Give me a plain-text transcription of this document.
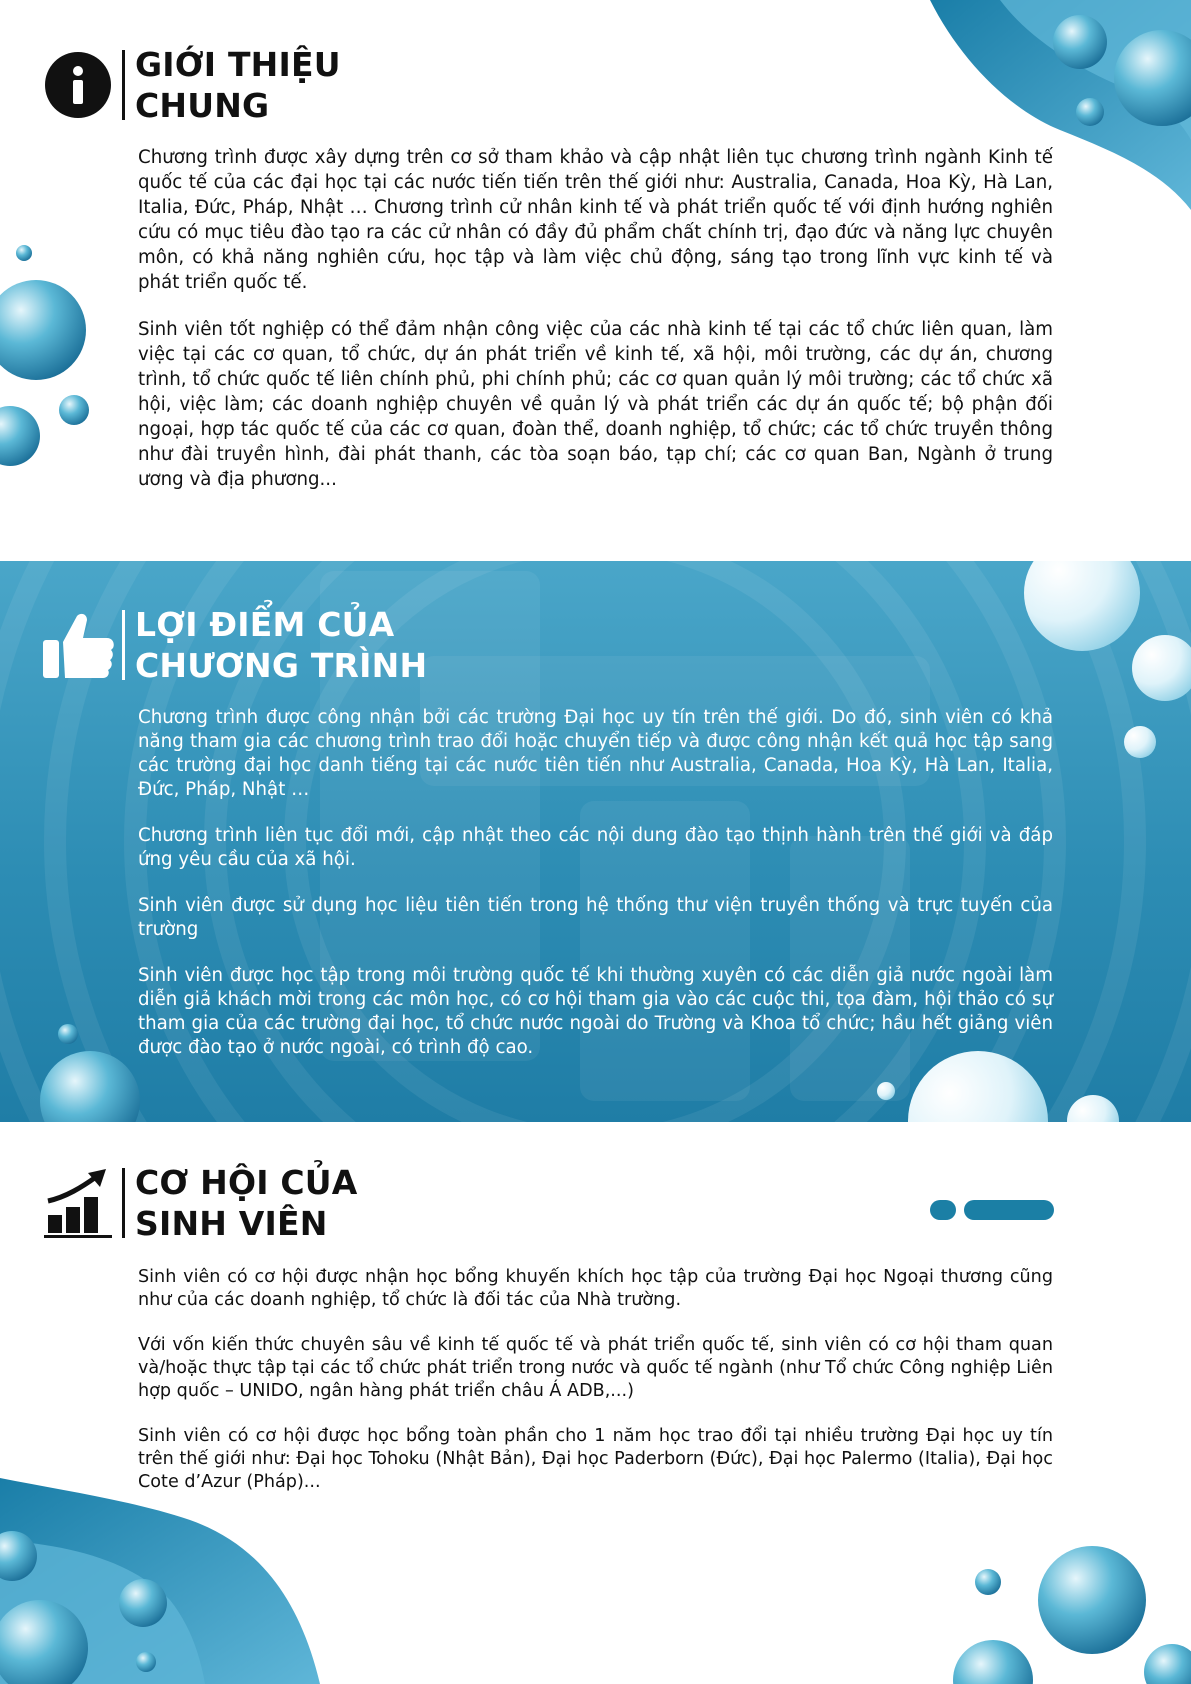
GIỚI THIỆU
CHUNG

Chương trình được xây dựng trên cơ sở tham khảo và cập nhật liên tục chương trình ngành Kinh tế quốc tế của các đại học tại các nước tiến tiến trên thế giới như: Australia, Canada, Hoa Kỳ, Hà Lan, Italia, Đức, Pháp, Nhật … Chương trình cử nhân kinh tế và phát triển quốc tế với định hướng nghiên cứu có mục tiêu đào tạo ra các cử nhân có đầy đủ phẩm chất chính trị, đạo đức và năng lực chuyên môn, có khả năng nghiên cứu, học tập và làm việc chủ động, sáng tạo trong lĩnh vực kinh tế và phát triển quốc tế.

Sinh viên tốt nghiệp có thể đảm nhận công việc của các nhà kinh tế tại các tổ chức liên quan, làm việc tại các cơ quan, tổ chức, dự án phát triển về kinh tế, xã hội, môi trường, các dự án, chương trình, tổ chức quốc tế liên chính phủ, phi chính phủ; các cơ quan quản lý môi trường; các tổ chức xã hội, việc làm; các doanh nghiệp chuyên về quản lý và phát triển các dự án quốc tế; bộ phận đối ngoại, hợp tác quốc tế của các cơ quan, đoàn thể, doanh nghiệp, tổ chức; các tổ chức truyền thông như đài truyền hình, đài phát thanh, các tòa soạn báo, tạp chí; các cơ quan Ban, Ngành ở trung ương và địa phương...

LỢI ĐIỂM CỦA
CHƯƠNG TRÌNH

Chương trình được công nhận bởi các trường Đại học uy tín trên thế giới. Do đó, sinh viên có khả năng tham gia các chương trình trao đổi hoặc chuyển tiếp và được công nhận kết quả học tập sang các trường đại học danh tiếng tại các nước tiên tiến như Australia, Canada, Hoa Kỳ, Hà Lan, Italia, Đức, Pháp, Nhật …

Chương trình liên tục đổi mới, cập nhật theo các nội dung đào tạo thịnh hành trên thế giới và đáp ứng yêu cầu của xã hội.

Sinh viên được sử dụng học liệu tiên tiến trong hệ thống thư viện truyền thống và trực tuyến của trường

Sinh viên được học tập trong môi trường quốc tế khi thường xuyên có các diễn giả nước ngoài làm diễn giả khách mời trong các môn học, có cơ hội tham gia vào các cuộc thi, tọa đàm, hội thảo có sự tham gia của các trường đại học, tổ chức nước ngoài do Trường và Khoa tổ chức; hầu hết giảng viên được đào tạo ở nước ngoài, có trình độ cao.

CƠ HỘI CỦA
SINH VIÊN

Sinh viên có cơ hội được nhận học bổng khuyến khích học tập của trường Đại học Ngoại thương cũng như của các doanh nghiệp, tổ chức là đối tác của Nhà trường.

Với vốn kiến thức chuyên sâu về kinh tế quốc tế và phát triển quốc tế, sinh viên có cơ hội tham quan và/hoặc thực tập tại các tổ chức phát triển trong nước và quốc tế ngành (như Tổ chức Công nghiệp Liên hợp quốc – UNIDO, ngân hàng phát triển châu Á ADB,...)

Sinh viên có cơ hội được học bổng toàn phần cho 1 năm học trao đổi tại nhiều trường Đại học uy tín trên thế giới như: Đại học Tohoku (Nhật Bản), Đại học Paderborn (Đức), Đại học Palermo (Italia), Đại học Cote d’Azur (Pháp)...
